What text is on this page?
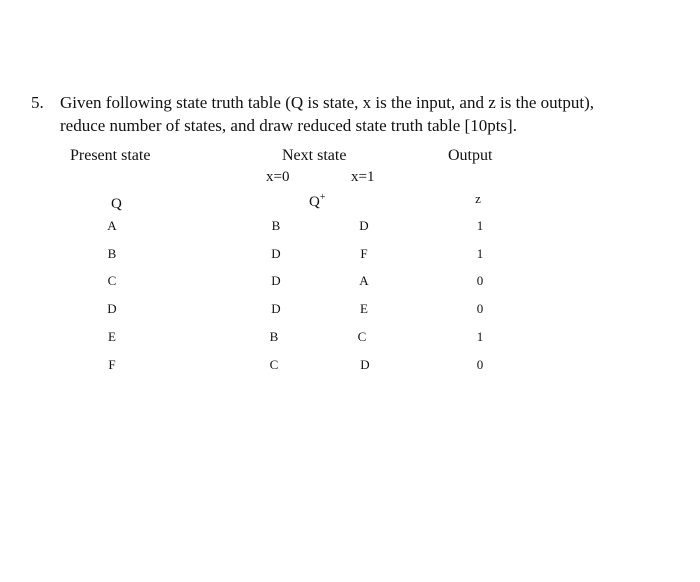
5. Given following state truth table (Q is state, x is the input, and z is the output),
reduce number of states, and draw reduced state truth table [10pts].
Present state	Next state	Output
x=0	x=1
Q	Q+	z
A	B	D	1
B	D	F	1
C	D	A	0
D	D	E	0
E	B	C	1
F	C	D	0
